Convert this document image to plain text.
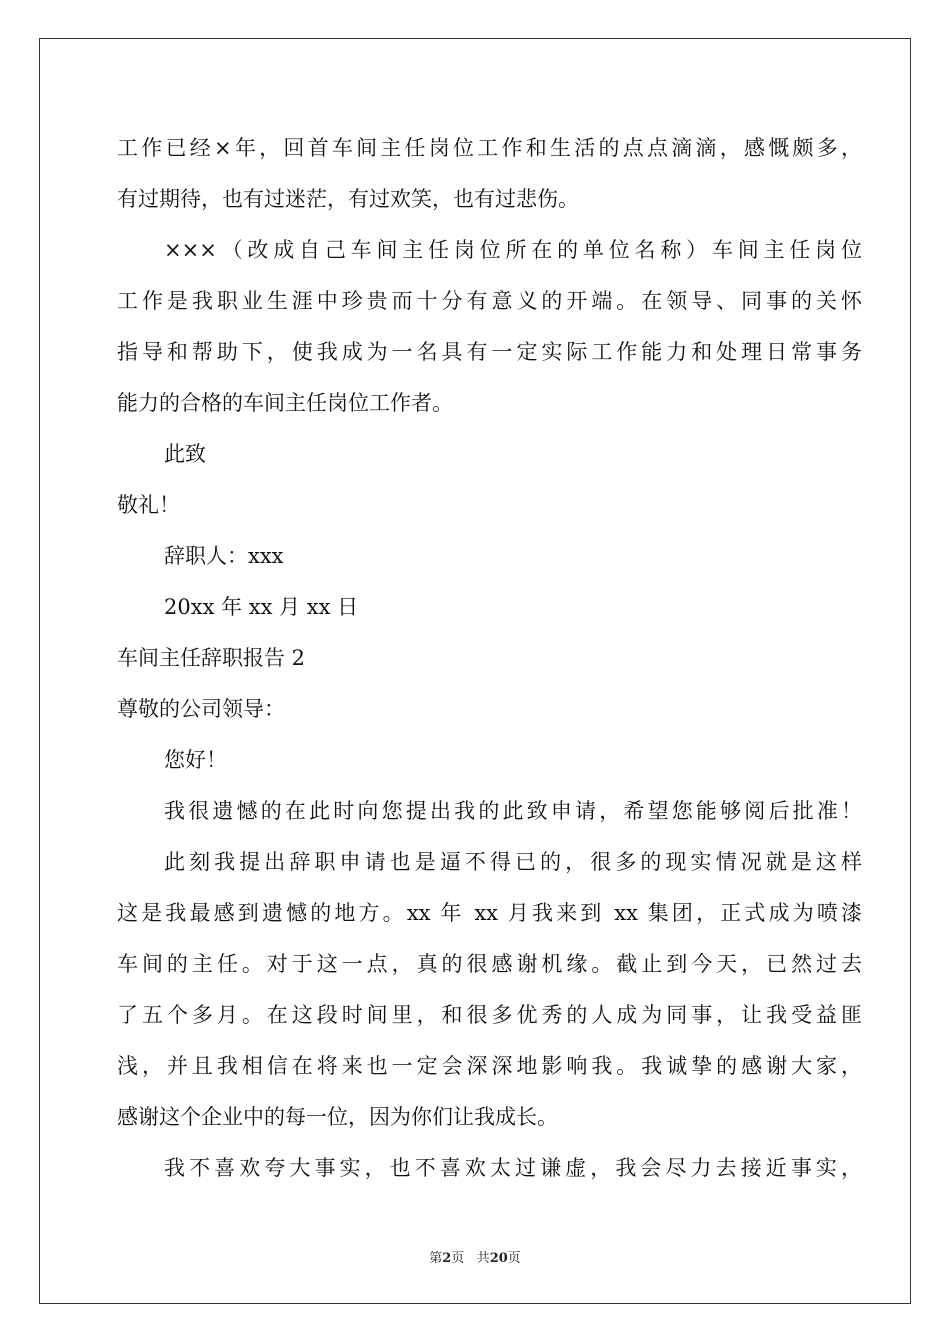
工作已经×年，回首车间主任岗位工作和生活的点点滴滴，感慨颇多，
有过期待，也有过迷茫，有过欢笑，也有过悲伤。
×××（改成自己车间主任岗位所在的单位名称）车间主任岗位
工作是我职业生涯中珍贵而十分有意义的开端。在领导、同事的关怀
指导和帮助下，使我成为一名具有一定实际工作能力和处理日常事务
能力的合格的车间主任岗位工作者。
此致
敬礼！
辞职人：xxx
20xx 年 xx 月 xx 日
车间主任辞职报告 2
尊敬的公司领导：
您好！
我很遗憾的在此时向您提出我的此致申请，希望您能够阅后批准！
此刻我提出辞职申请也是逼不得已的，很多的现实情况就是这样
这是我最感到遗憾的地方。xx 年 xx 月我来到 xx 集团，正式成为喷漆
车间的主任。对于这一点，真的很感谢机缘。截止到今天，已然过去
了五个多月。在这段时间里，和很多优秀的人成为同事，让我受益匪
浅，并且我相信在将来也一定会深深地影响我。我诚挚的感谢大家，
感谢这个企业中的每一位，因为你们让我成长。
我不喜欢夸大事实，也不喜欢太过谦虚，我会尽力去接近事实，
第2页 共20页
